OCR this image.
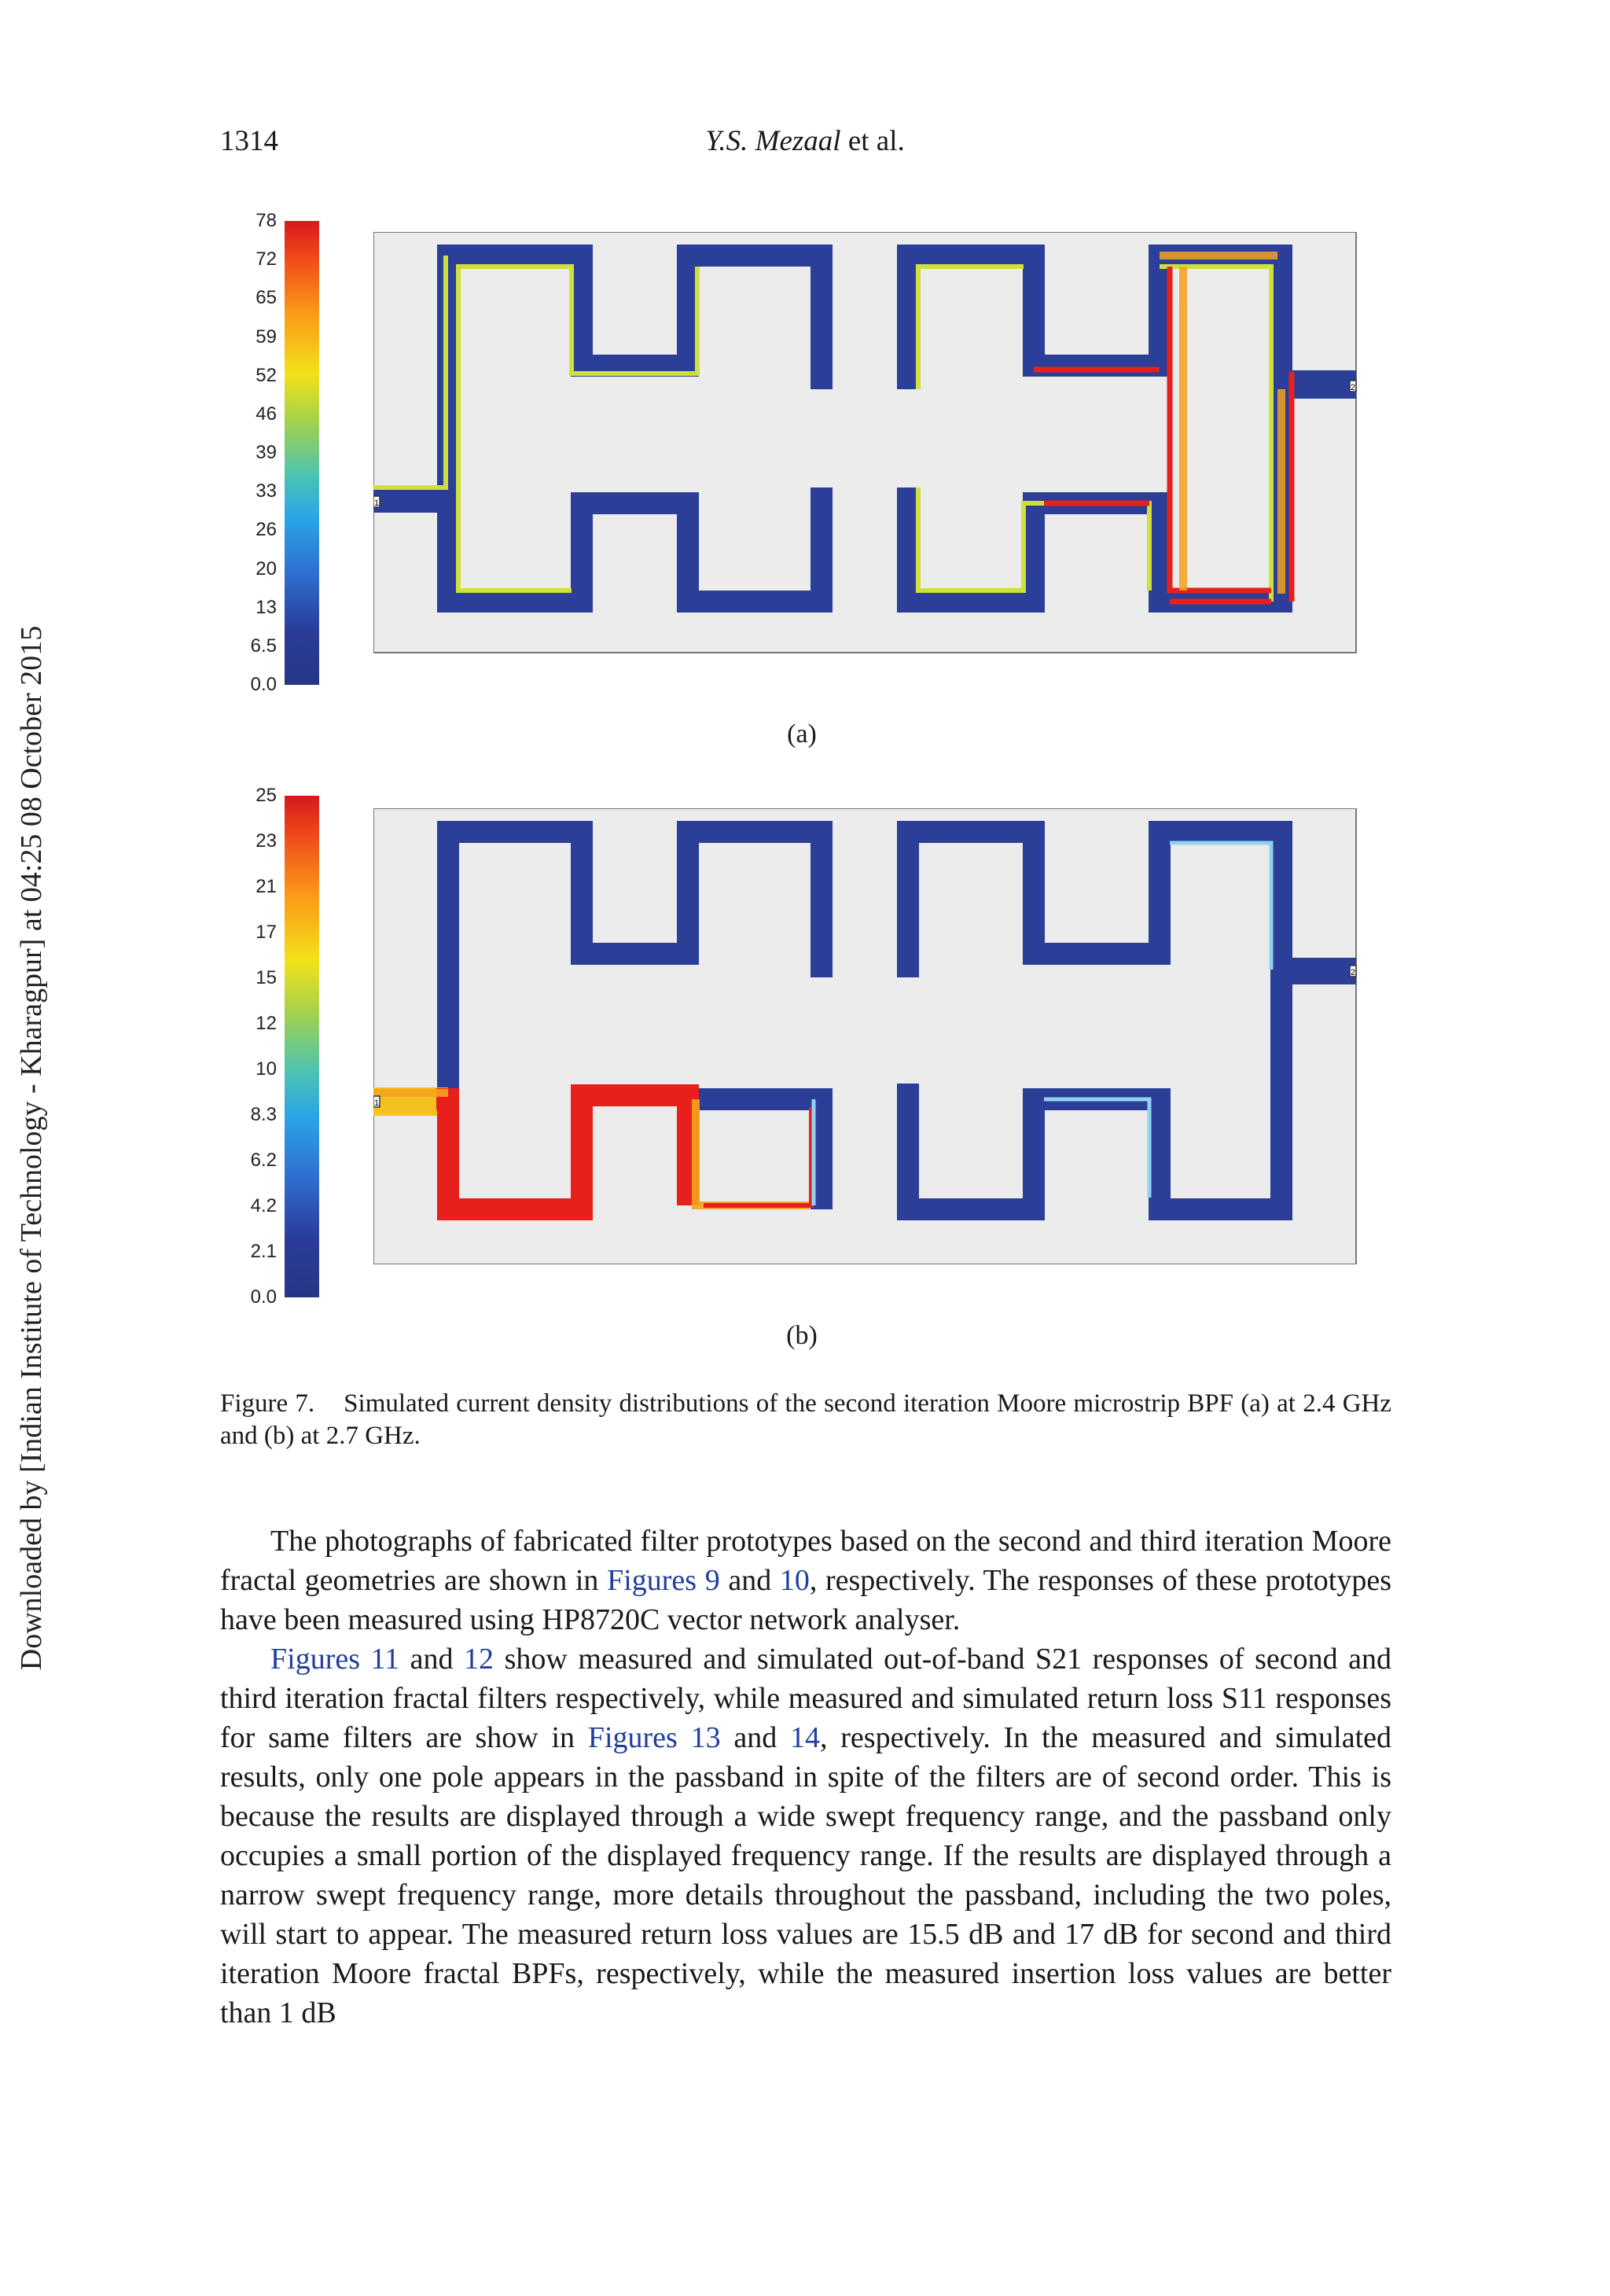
Downloaded by [Indian Institute of Technology - Kharagpur] at 04:25 08 October 2015
1314	Y.S. Mezaal et al.
78
72
65
59
52
46
39
33
26
20
13
6.5
0.0
1
2
(a)
25
23
21
17
15
12
10
8.3
6.2
4.2
2.1
0.0
1
2
(b)
Figure 7. Simulated current density distributions of the second iteration Moore microstrip BPF (a) at 2.4 GHz and (b) at 2.7 GHz.

The photographs of fabricated filter prototypes based on the second and third iteration Moore fractal geometries are shown in Figures 9 and 10, respectively. The responses of these prototypes have been measured using HP8720C vector network analyser.

Figures 11 and 12 show measured and simulated out-of-band S21 responses of second and third iteration fractal filters respectively, while measured and simulated return loss S11 responses for same filters are show in Figures 13 and 14, respectively. In the measured and simulated results, only one pole appears in the passband in spite of the filters are of second order. This is because the results are displayed through a wide swept frequency range, and the passband only occupies a small portion of the displayed frequency range. If the results are displayed through a narrow swept frequency range, more details throughout the passband, including the two poles, will start to appear. The measured return loss values are 15.5 dB and 17 dB for second and third iteration Moore fractal BPFs, respectively, while the measured insertion loss values are better than 1 dB
